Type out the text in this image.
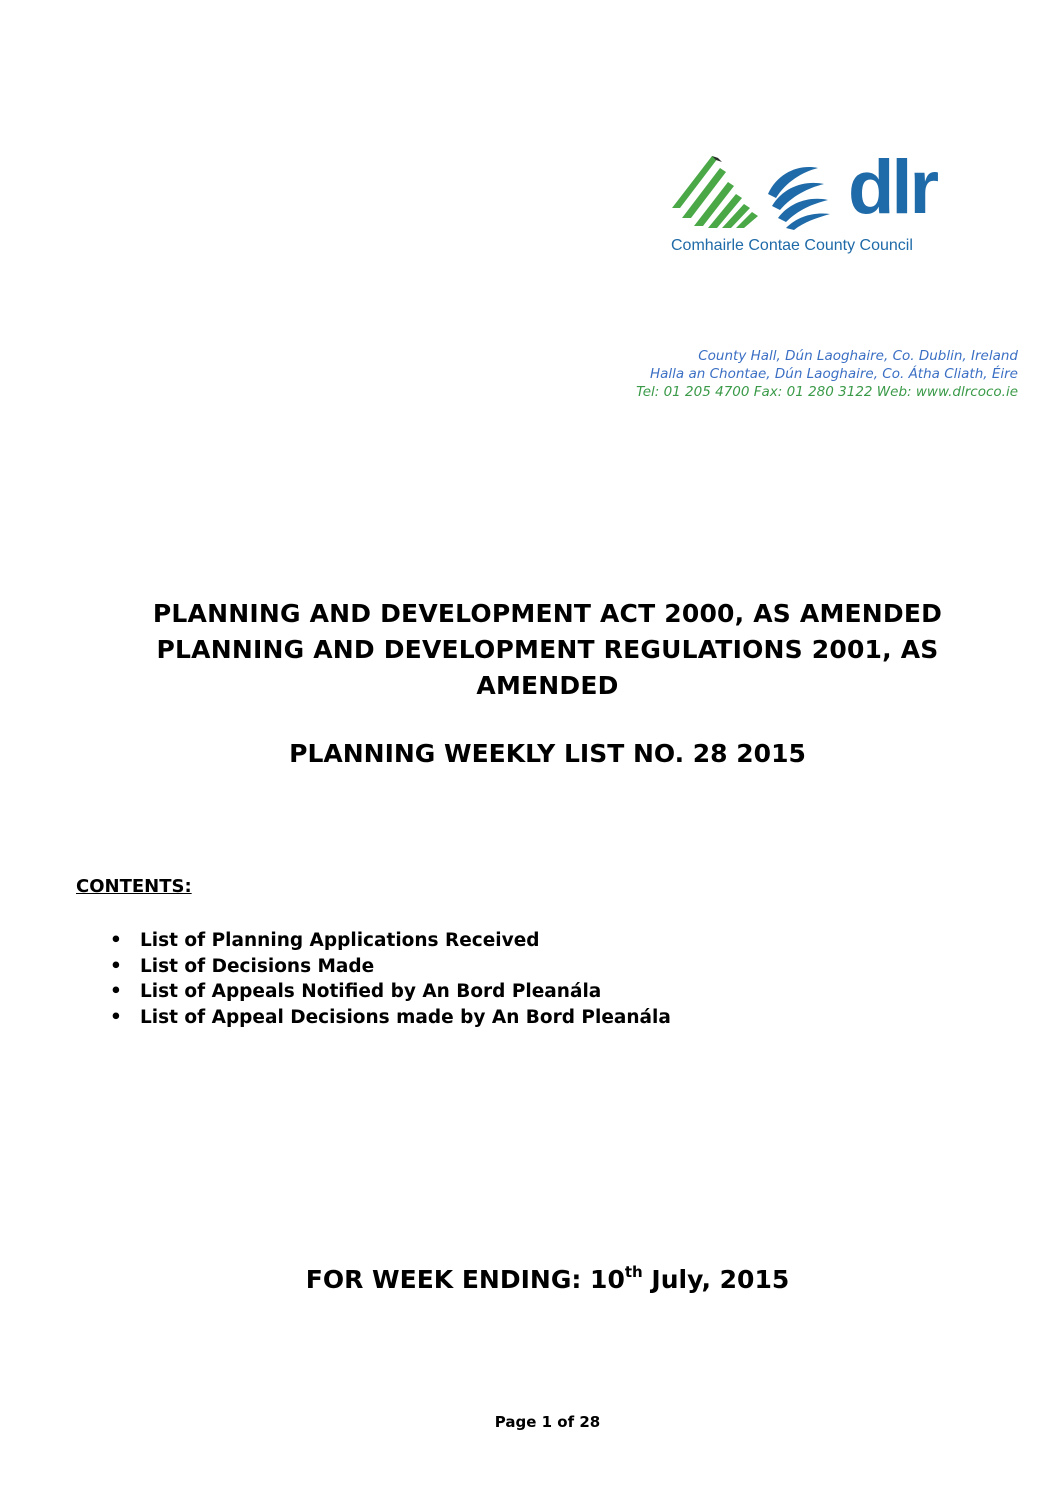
dlr
Comhairle Contae County Council
County Hall, Dún Laoghaire, Co. Dublin, Ireland
Halla an Chontae, Dún Laoghaire, Co. Átha Cliath, Éire
Tel: 01 205 4700 Fax: 01 280 3122 Web: www.dlrcoco.ie
PLANNING AND DEVELOPMENT ACT 2000, AS AMENDED
PLANNING AND DEVELOPMENT REGULATIONS 2001, AS
AMENDED
PLANNING WEEKLY LIST NO. 28 2015
CONTENTS:
• List of Planning Applications Received
• List of Decisions Made
• List of Appeals Notified by An Bord Pleanála
• List of Appeal Decisions made by An Bord Pleanála
FOR WEEK ENDING: 10th July, 2015
Page 1 of 28
